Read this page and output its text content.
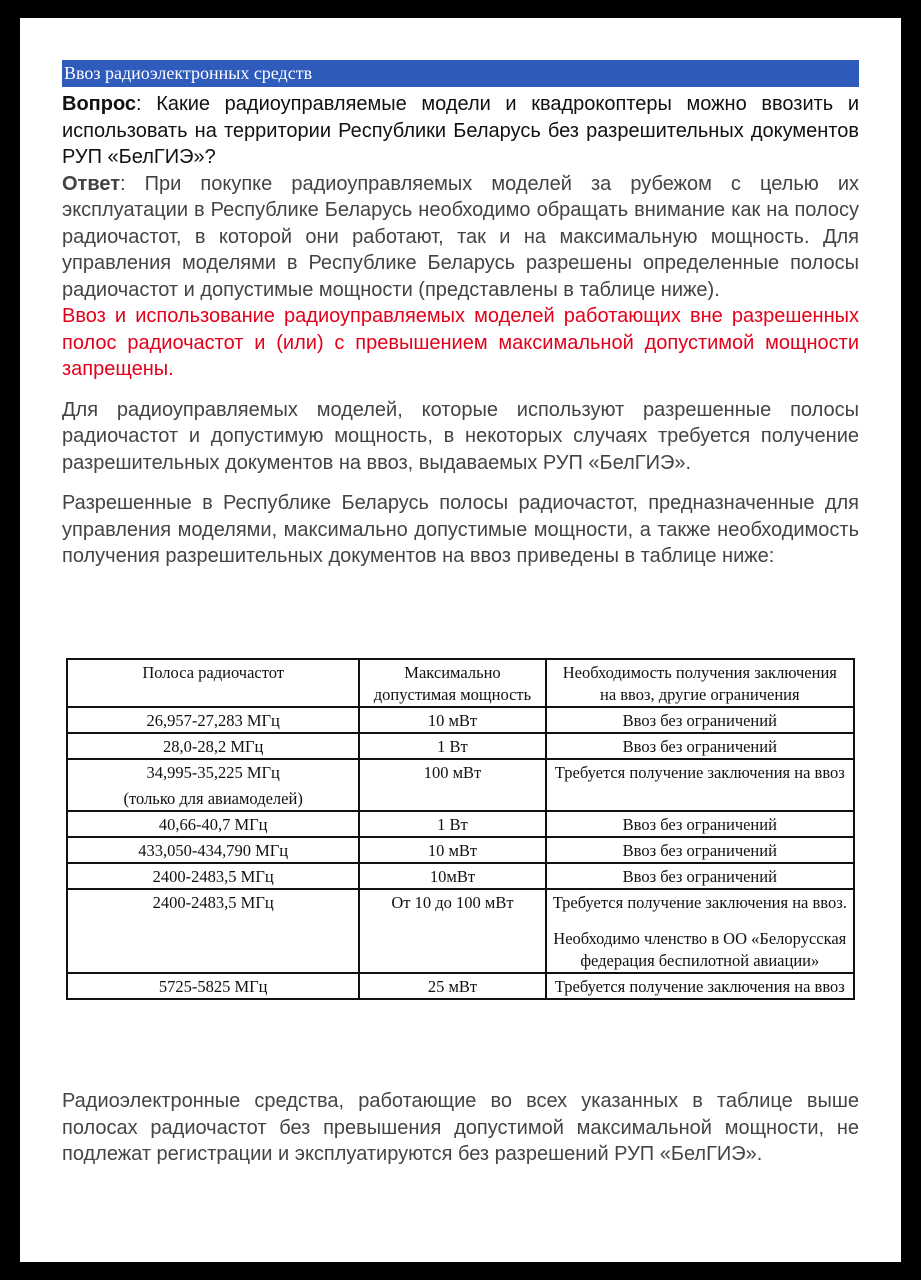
Ввоз радиоэлектронных средств

Вопрос: Какие радиоуправляемые модели и квадрокоптеры можно ввозить и использовать на территории Республики Беларусь без разрешительных документов РУП «БелГИЭ»?

Ответ: При покупке радиоуправляемых моделей за рубежом с целью их эксплуатации в Республике Беларусь необходимо обращать внимание как на полосу радиочастот, в которой они работают, так и на максимальную мощность. Для управления моделями в Республике Беларусь разрешены определенные полосы радиочастот и допустимые мощности (представлены в таблице ниже).

Ввоз и использование радиоуправляемых моделей работающих вне разрешенных полос радиочастот и (или) с превышением максимальной допустимой мощности запрещены.

Для радиоуправляемых моделей, которые используют разрешенные полосы радиочастот и допустимую мощность, в некоторых случаях требуется получение разрешительных документов на ввоз, выдаваемых РУП «БелГИЭ».

Разрешенные в Республике Беларусь полосы радиочастот, предназначенные для управления моделями, максимально допустимые мощности, а также необходимость получения разрешительных документов на ввоз приведены в таблице ниже:

Полоса радиочастот	Максимально допустимая мощность	Необходимость получения заключения на ввоз, другие ограничения
26,957-27,283 МГц	10 мВт	Ввоз без ограничений
28,0-28,2 МГц	1 Вт	Ввоз без ограничений
34,995-35,225 МГц
(только для авиамоделей)	100 мВт	Требуется получение заключения на ввоз
40,66-40,7 МГц	1 Вт	Ввоз без ограничений
433,050-434,790 МГц	10 мВт	Ввоз без ограничений
2400-2483,5 МГц	10мВт	Ввоз без ограничений
2400-2483,5 МГц	От 10 до 100 мВт	Требуется получение заключения на ввоз.
Необходимо членство в ОО «Белорусская федерация беспилотной авиации»
5725-5825 МГц	25 мВт	Требуется получение заключения на ввоз

Радиоэлектронные средства, работающие во всех указанных в таблице выше полосах радиочастот без превышения допустимой максимальной мощности, не подлежат регистрации и эксплуатируются без разрешений РУП «БелГИЭ».
